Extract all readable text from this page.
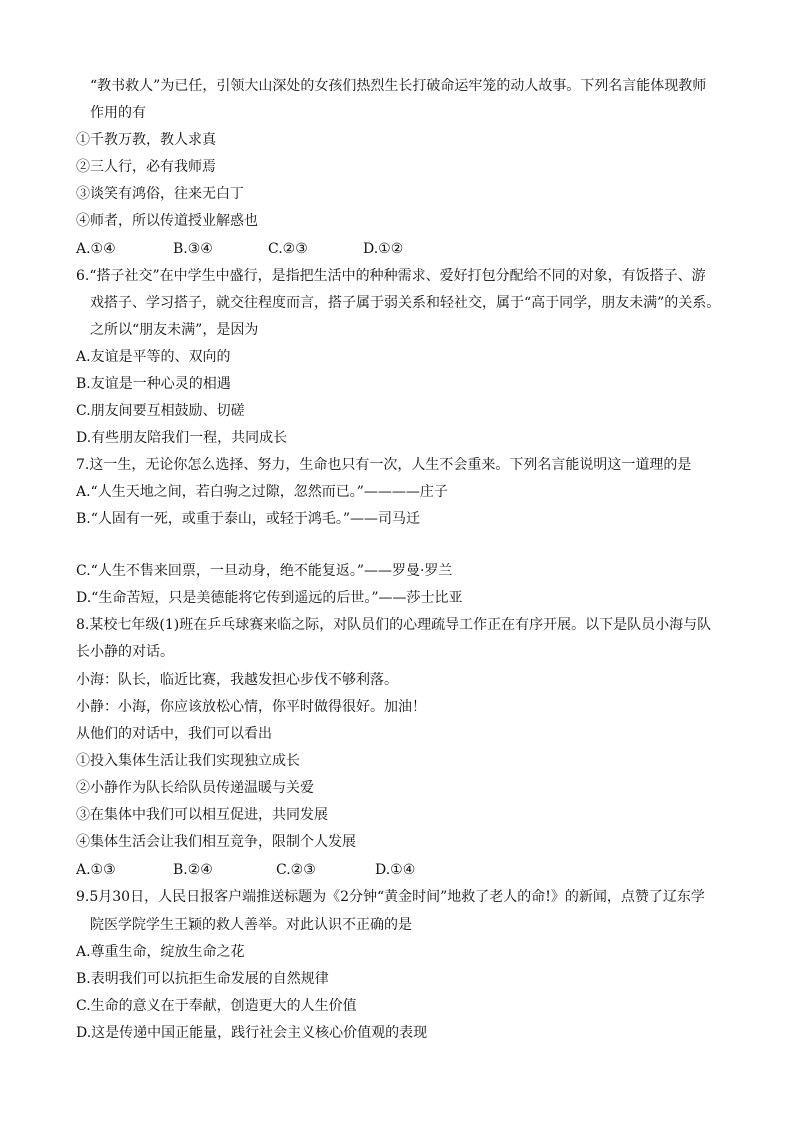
“教书救人”为已任，引领大山深处的女孩们热烈生长打破命运牢笼的动人故事。下列名言能体现教师
作用的有
①千教万教，教人求真
②三人行，必有我师焉
③谈笑有鸿俗，往来无白丁
④师者，所以传道授业解惑也
A.①④	B.③④	C.②③	D.①②
6.“搭子社交”在中学生中盛行，是指把生活中的种种需求、爱好打包分配给不同的对象，有饭搭子、游
戏搭子、学习搭子，就交往程度而言，搭子属于弱关系和轻社交，属于“高于同学，朋友未满”的关系。
之所以“朋友未满”，是因为
A.友谊是平等的、双向的
B.友谊是一种心灵的相遇
C.朋友间要互相鼓励、切磋
D.有些朋友陪我们一程，共同成长
7.这一生，无论你怎么选择、努力，生命也只有一次，人生不会重来。下列名言能说明这一道理的是
A.“人生天地之间，若白驹之过隙，忽然而已。”————庄子
B.“人固有一死，或重于泰山，或轻于鸿毛。”——司马迁
C.“人生不售来回票，一旦动身，绝不能复返。”——罗曼·罗兰
D.“生命苦短，只是美德能将它传到遥远的后世。”——莎士比亚
8.某校七年级(1)班在乒乓球赛来临之际，对队员们的心理疏导工作正在有序开展。以下是队员小海与队
长小静的对话。
小海：队长，临近比赛，我越发担心步伐不够利落。
小静：小海，你应该放松心情，你平时做得很好。加油！
从他们的对话中，我们可以看出
①投入集体生活让我们实现独立成长
②小静作为队长给队员传递温暖与关爱
③在集体中我们可以相互促进，共同发展
④集体生活会让我们相互竞争，限制个人发展
A.①③	B.②④	C.②③	D.①④
9.5月30日，人民日报客户端推送标题为《2分钟“黄金时间”地救了老人的命!》的新闻，点赞了辽东学
院医学院学生王颖的救人善举。对此认识不正确的是
A.尊重生命，绽放生命之花
B.表明我们可以抗拒生命发展的自然规律
C.生命的意义在于奉献，创造更大的人生价值
D.这是传递中国正能量，践行社会主义核心价值观的表现
